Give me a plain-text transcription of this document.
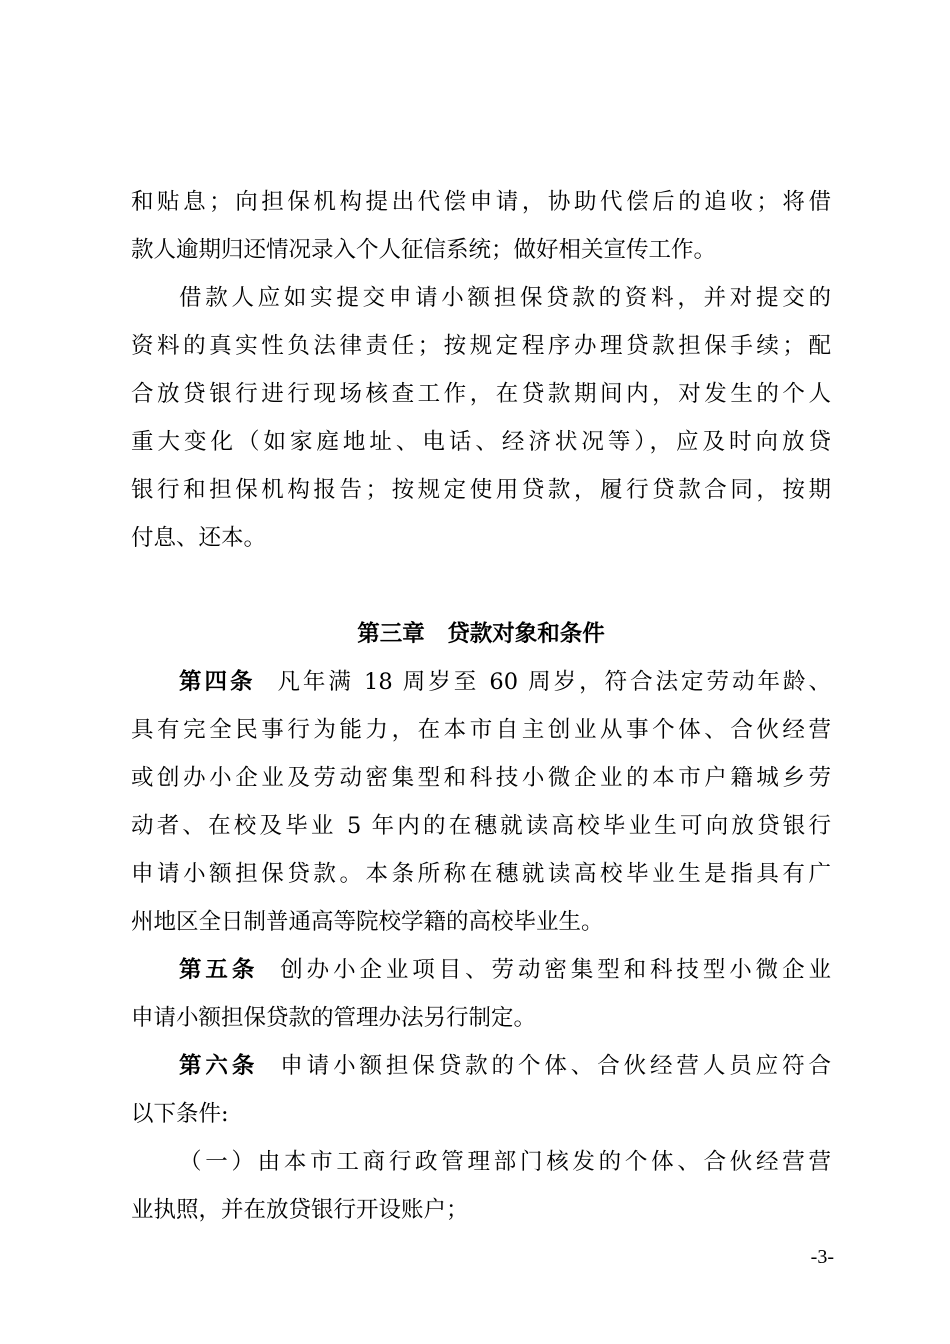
和贴息；向担保机构提出代偿申请，协助代偿后的追收；将借
款人逾期归还情况录入个人征信系统；做好相关宣传工作。
借款人应如实提交申请小额担保贷款的资料，并对提交的
资料的真实性负法律责任；按规定程序办理贷款担保手续；配
合放贷银行进行现场核查工作，在贷款期间内，对发生的个人
重大变化（如家庭地址、电话、经济状况等），应及时向放贷
银行和担保机构报告；按规定使用贷款，履行贷款合同，按期
付息、还本。
第三章　贷款对象和条件
第四条 凡年满 18 周岁至 60 周岁，符合法定劳动年龄、
具有完全民事行为能力，在本市自主创业从事个体、合伙经营
或创办小企业及劳动密集型和科技小微企业的本市户籍城乡劳
动者、在校及毕业 5 年内的在穗就读高校毕业生可向放贷银行
申请小额担保贷款。本条所称在穗就读高校毕业生是指具有广
州地区全日制普通高等院校学籍的高校毕业生。
第五条 创办小企业项目、劳动密集型和科技型小微企业
申请小额担保贷款的管理办法另行制定。
第六条 申请小额担保贷款的个体、合伙经营人员应符合
以下条件:
（一）由本市工商行政管理部门核发的个体、合伙经营营
业执照，并在放贷银行开设账户；
-3-
